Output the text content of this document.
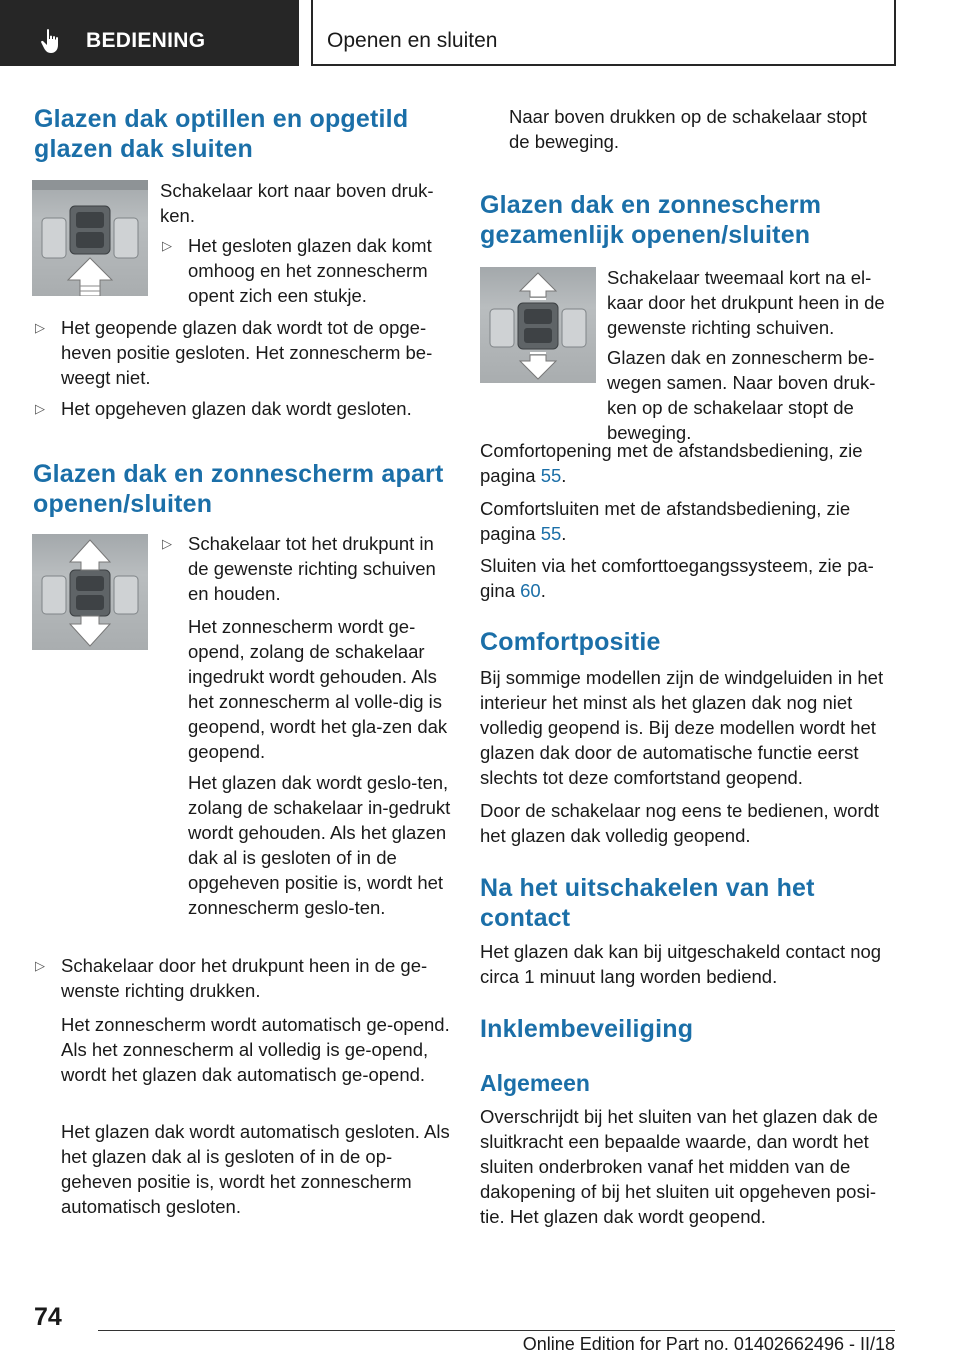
BEDIENING	Openen en sluiten
Glazen dak optillen en opgetild glazen dak sluiten

Schakelaar kort naar boven druk-ken.

▷ Het gesloten glazen dak komt omhoog en het zonnescherm opent zich een stukje.

▷ Het geopende glazen dak wordt tot de opge-heven positie gesloten. Het zonnescherm be-weegt niet.

▷ Het opgeheven glazen dak wordt gesloten.

Glazen dak en zonnescherm apart openen/sluiten

▷ Schakelaar tot het drukpunt in de gewenste richting schuiven en houden.

Het zonnescherm wordt ge-opend, zolang de schakelaar ingedrukt wordt gehouden. Als het zonnescherm al volle-dig is geopend, wordt het gla-zen dak geopend.

Het glazen dak wordt geslo-ten, zolang de schakelaar in-gedrukt wordt gehouden. Als het glazen dak al is gesloten of in de opgeheven positie is, wordt het zonnescherm geslo-ten.

▷ Schakelaar door het drukpunt heen in de ge-wenste richting drukken.

Het zonnescherm wordt automatisch ge-opend. Als het zonnescherm al volledig is ge-opend, wordt het glazen dak automatisch ge-opend.

Het glazen dak wordt automatisch gesloten. Als het glazen dak al is gesloten of in de op-geheven positie is, wordt het zonnescherm automatisch gesloten.

Naar boven drukken op de schakelaar stopt de beweging.

Glazen dak en zonnescherm gezamenlijk openen/sluiten

Schakelaar tweemaal kort na el-kaar door het drukpunt heen in de gewenste richting schuiven.

Glazen dak en zonnescherm be-wegen samen. Naar boven druk-ken op de schakelaar stopt de beweging.

Comfortopening met de afstandsbediening, zie pagina 55.

Comfortsluiten met de afstandsbediening, zie pagina 55.

Sluiten via het comforttoegangssysteem, zie pa-gina 60.

Comfortpositie

Bij sommige modellen zijn de windgeluiden in het interieur het minst als het glazen dak nog niet volledig geopend is. Bij deze modellen wordt het glazen dak door de automatische functie eerst slechts tot deze comfortstand geopend.

Door de schakelaar nog eens te bedienen, wordt het glazen dak volledig geopend.

Na het uitschakelen van het contact

Het glazen dak kan bij uitgeschakeld contact nog circa 1 minuut lang worden bediend.

Inklembeveiliging
Algemeen

Overschrijdt bij het sluiten van het glazen dak de sluitkracht een bepaalde waarde, dan wordt het sluiten onderbroken vanaf het midden van de dakopening of bij het sluiten uit opgeheven posi-tie. Het glazen dak wordt geopend.

74
Online Edition for Part no. 01402662496 - II/18
